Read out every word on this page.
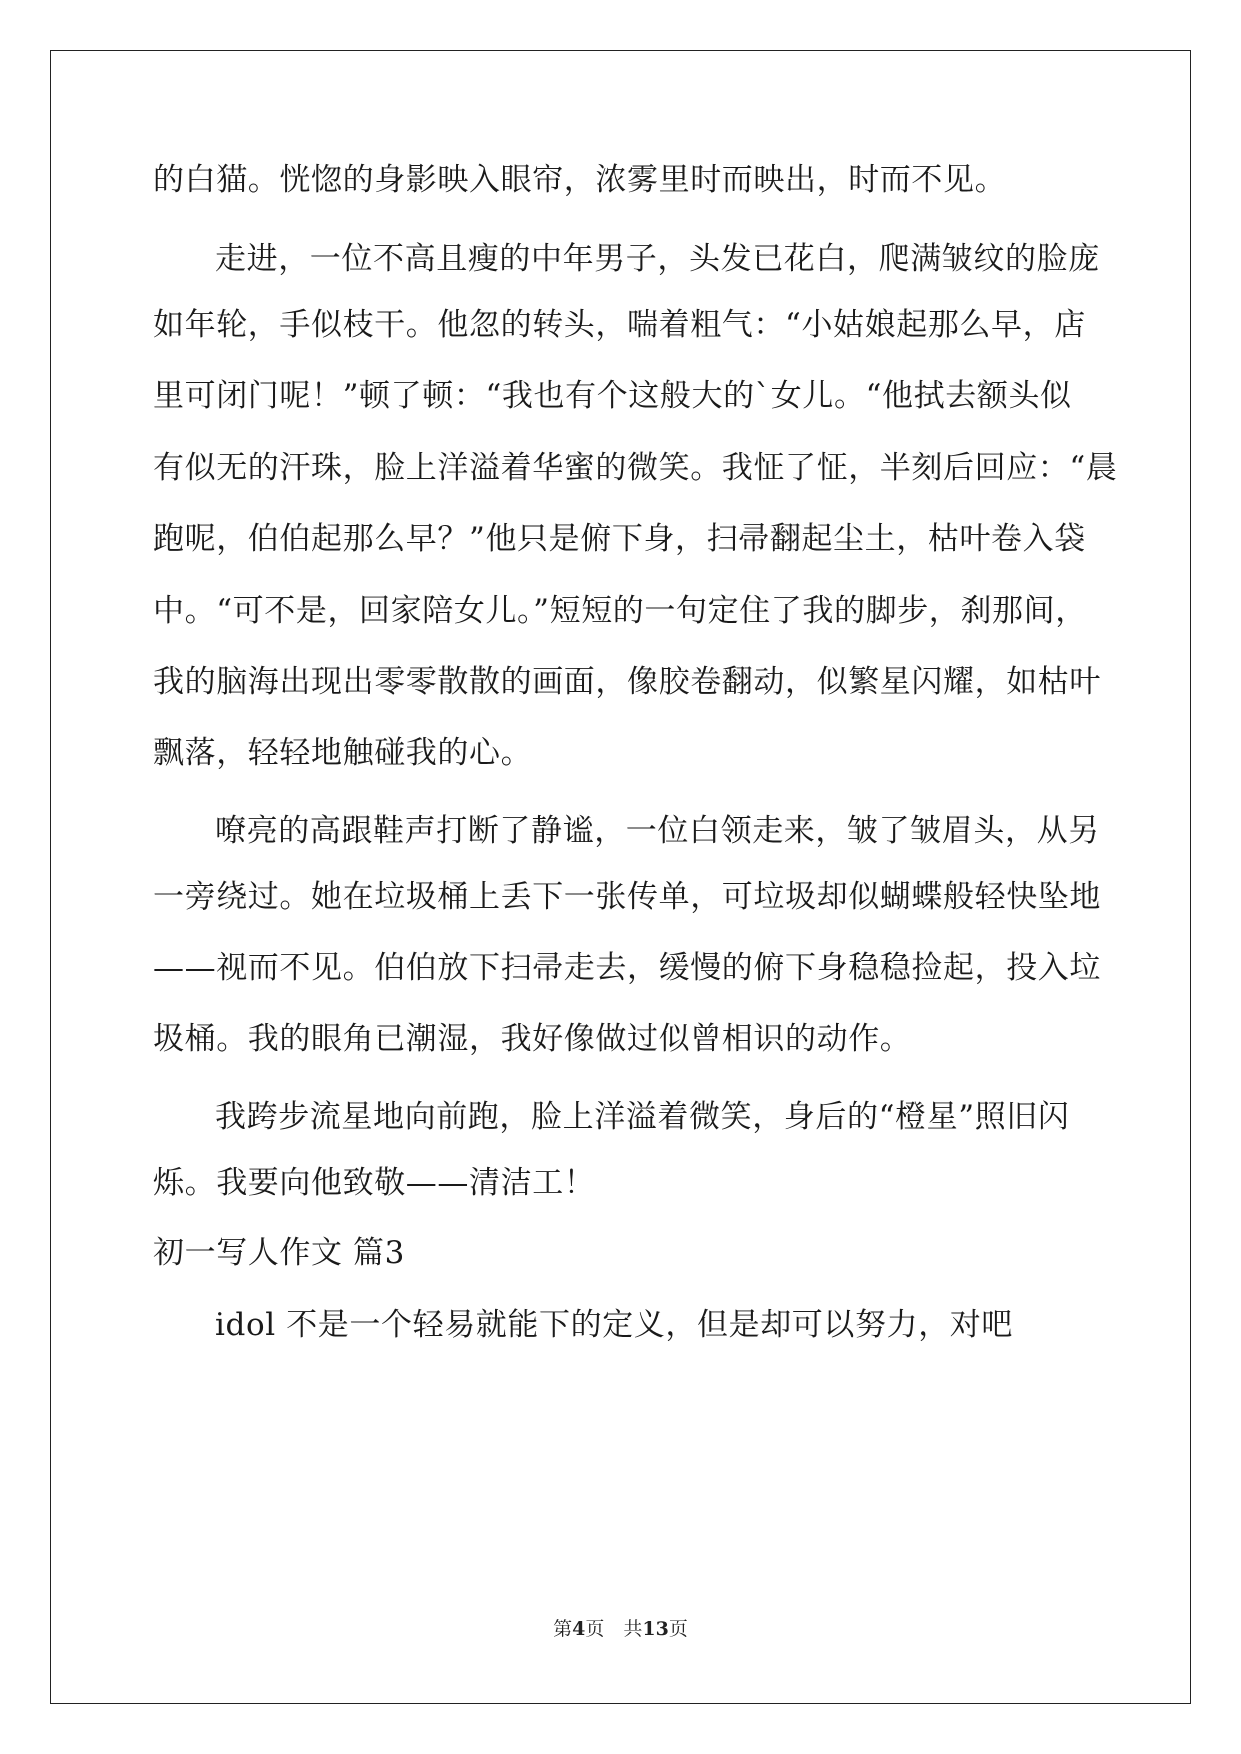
的白猫。恍惚的身影映入眼帘，浓雾里时而映出，时而不见。
走进，一位不高且瘦的中年男子，头发已花白，爬满皱纹的脸庞
如年轮，手似枝干。他忽的转头，喘着粗气：“小姑娘起那么早，店
里可闭门呢！”顿了顿：“我也有个这般大的`女儿。“他拭去额头似
有似无的汗珠，脸上洋溢着华蜜的微笑。我怔了怔，半刻后回应：“晨
跑呢，伯伯起那么早？”他只是俯下身，扫帚翻起尘土，枯叶卷入袋
中。“可不是，回家陪女儿。”短短的一句定住了我的脚步，刹那间，
我的脑海出现出零零散散的画面，像胶卷翻动，似繁星闪耀，如枯叶
飘落，轻轻地触碰我的心。
嘹亮的高跟鞋声打断了静谧，一位白领走来，皱了皱眉头，从另
一旁绕过。她在垃圾桶上丢下一张传单，可垃圾却似蝴蝶般轻快坠地
——视而不见。伯伯放下扫帚走去，缓慢的俯下身稳稳捡起，投入垃
圾桶。我的眼角已潮湿，我好像做过似曾相识的动作。
我跨步流星地向前跑，脸上洋溢着微笑，身后的“橙星”照旧闪
烁。我要向他致敬——清洁工！
初一写人作文 篇3
idol 不是一个轻易就能下的定义，但是却可以努力，对吧
第4页　共13页
